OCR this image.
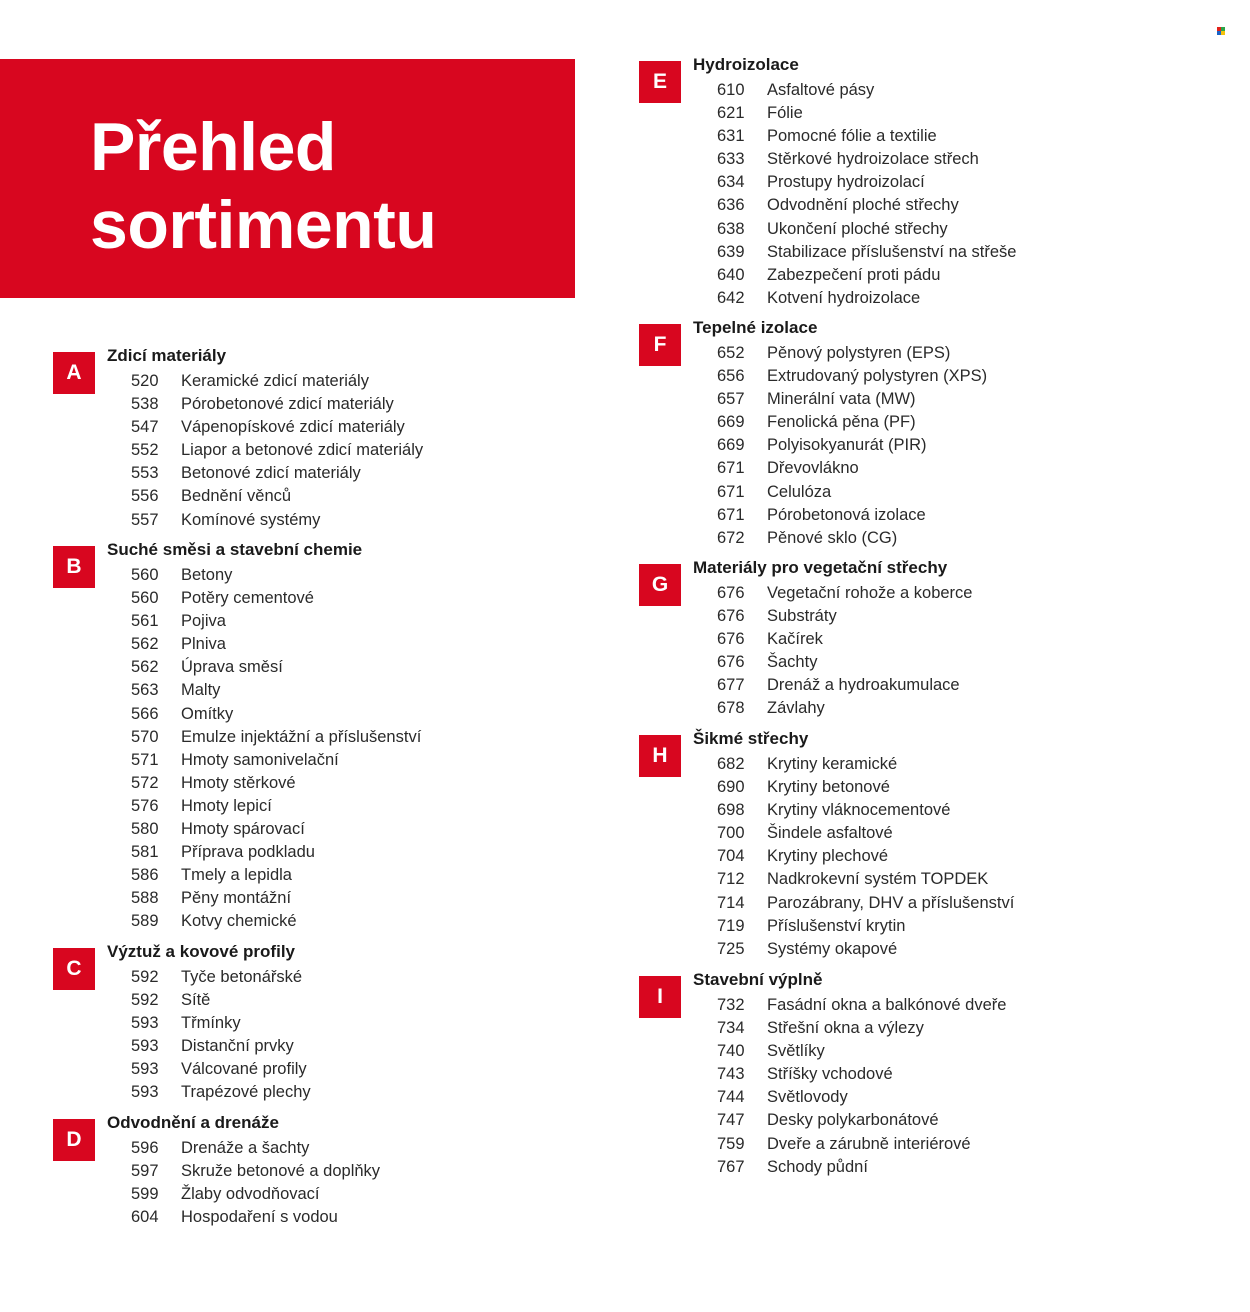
Přehled
sortimentu
A
Zdicí materiály
520 Keramické zdicí materiály
538 Pórobetonové zdicí materiály
547 Vápenopískové zdicí materiály
552 Liapor a betonové zdicí materiály
553 Betonové zdicí materiály
556 Bednění věnců
557 Komínové systémy
B
Suché směsi a stavební chemie
560 Betony
560 Potěry cementové
561 Pojiva
562 Plniva
562 Úprava směsí
563 Malty
566 Omítky
570 Emulze injektážní a příslušenství
571 Hmoty samonivelační
572 Hmoty stěrkové
576 Hmoty lepicí
580 Hmoty spárovací
581 Příprava podkladu
586 Tmely a lepidla
588 Pěny montážní
589 Kotvy chemické
C
Výztuž a kovové profily
592 Tyče betonářské
592 Sítě
593 Třmínky
593 Distanční prvky
593 Válcované profily
593 Trapézové plechy
D
Odvodnění a drenáže
596 Drenáže a šachty
597 Skruže betonové a doplňky
599 Žlaby odvodňovací
604 Hospodaření s vodou
E
Hydroizolace
610 Asfaltové pásy
621 Fólie
631 Pomocné fólie a textilie
633 Stěrkové hydroizolace střech
634 Prostupy hydroizolací
636 Odvodnění ploché střechy
638 Ukončení ploché střechy
639 Stabilizace příslušenství na střeše
640 Zabezpečení proti pádu
642 Kotvení hydroizolace
F
Tepelné izolace
652 Pěnový polystyren (EPS)
656 Extrudovaný polystyren (XPS)
657 Minerální vata (MW)
669 Fenolická pěna (PF)
669 Polyisokyanurát (PIR)
671 Dřevovlákno
671 Celulóza
671 Pórobetonová izolace
672 Pěnové sklo (CG)
G
Materiály pro vegetační střechy
676 Vegetační rohože a koberce
676 Substráty
676 Kačírek
676 Šachty
677 Drenáž a hydroakumulace
678 Závlahy
H
Šikmé střechy
682 Krytiny keramické
690 Krytiny betonové
698 Krytiny vláknocementové
700 Šindele asfaltové
704 Krytiny plechové
712 Nadkrokevní systém TOPDEK
714 Parozábrany, DHV a příslušenství
719 Příslušenství krytin
725 Systémy okapové
I
Stavební výplně
732 Fasádní okna a balkónové dveře
734 Střešní okna a výlezy
740 Světlíky
743 Stříšky vchodové
744 Světlovody
747 Desky polykarbonátové
759 Dveře a zárubně interiérové
767 Schody půdní
